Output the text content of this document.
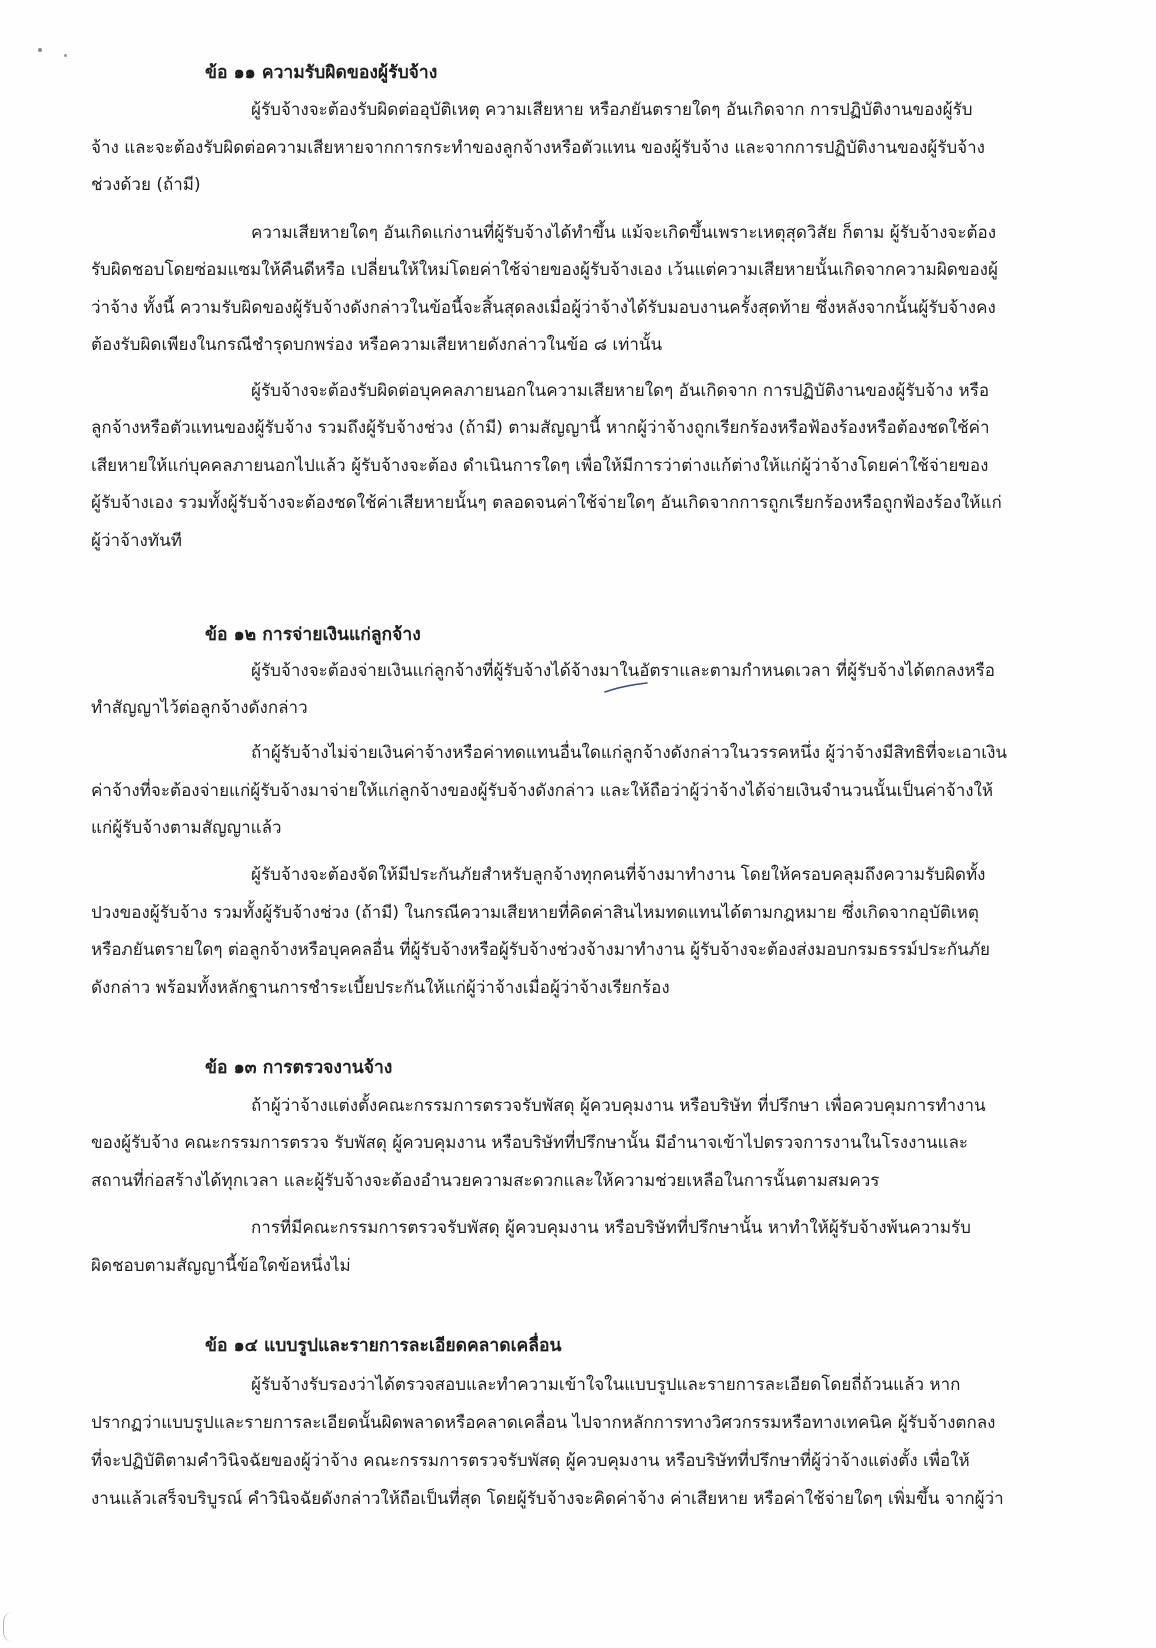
ข้อ ๑๑ ความรับผิดของผู้รับจ้าง
ผู้รับจ้างจะต้องรับผิดต่ออุบัติเหตุ ความเสียหาย หรือภยันตรายใดๆ อันเกิดจาก การปฏิบัติงานของผู้รับ
จ้าง และจะต้องรับผิดต่อความเสียหายจากการกระทำของลูกจ้างหรือตัวแทน ของผู้รับจ้าง และจากการปฏิบัติงานของผู้รับจ้าง
ช่วงด้วย (ถ้ามี)
ความเสียหายใดๆ อันเกิดแก่งานที่ผู้รับจ้างได้ทำขึ้น แม้จะเกิดขึ้นเพราะเหตุสุดวิสัย ก็ตาม ผู้รับจ้างจะต้อง
รับผิดชอบโดยซ่อมแซมให้คืนดีหรือ เปลี่ยนให้ใหม่โดยค่าใช้จ่ายของผู้รับจ้างเอง เว้นแต่ความเสียหายนั้นเกิดจากความผิดของผู้
ว่าจ้าง ทั้งนี้ ความรับผิดของผู้รับจ้างดังกล่าวในข้อนี้จะสิ้นสุดลงเมื่อผู้ว่าจ้างได้รับมอบงานครั้งสุดท้าย ซึ่งหลังจากนั้นผู้รับจ้างคง
ต้องรับผิดเพียงในกรณีชำรุดบกพร่อง หรือความเสียหายดังกล่าวในข้อ ๘ เท่านั้น
ผู้รับจ้างจะต้องรับผิดต่อบุคคลภายนอกในความเสียหายใดๆ อันเกิดจาก การปฏิบัติงานของผู้รับจ้าง หรือ
ลูกจ้างหรือตัวแทนของผู้รับจ้าง รวมถึงผู้รับจ้างช่วง (ถ้ามี) ตามสัญญานี้ หากผู้ว่าจ้างถูกเรียกร้องหรือฟ้องร้องหรือต้องชดใช้ค่า
เสียหายให้แก่บุคคลภายนอกไปแล้ว ผู้รับจ้างจะต้อง ดำเนินการใดๆ เพื่อให้มีการว่าต่างแก้ต่างให้แก่ผู้ว่าจ้างโดยค่าใช้จ่ายของ
ผู้รับจ้างเอง รวมทั้งผู้รับจ้างจะต้องชดใช้ค่าเสียหายนั้นๆ ตลอดจนค่าใช้จ่ายใดๆ อันเกิดจากการถูกเรียกร้องหรือถูกฟ้องร้องให้แก่
ผู้ว่าจ้างทันที
ข้อ ๑๒ การจ่ายเงินแก่ลูกจ้าง
ผู้รับจ้างจะต้องจ่ายเงินแก่ลูกจ้างที่ผู้รับจ้างได้จ้างมาในอัตราและตามกำหนดเวลา ที่ผู้รับจ้างได้ตกลงหรือ
ทำสัญญาไว้ต่อลูกจ้างดังกล่าว
ถ้าผู้รับจ้างไม่จ่ายเงินค่าจ้างหรือค่าทดแทนอื่นใดแก่ลูกจ้างดังกล่าวในวรรคหนึ่ง ผู้ว่าจ้างมีสิทธิที่จะเอาเงิน
ค่าจ้างที่จะต้องจ่ายแก่ผู้รับจ้างมาจ่ายให้แก่ลูกจ้างของผู้รับจ้างดังกล่าว และให้ถือว่าผู้ว่าจ้างได้จ่ายเงินจำนวนนั้นเป็นค่าจ้างให้
แก่ผู้รับจ้างตามสัญญาแล้ว
ผู้รับจ้างจะต้องจัดให้มีประกันภัยสำหรับลูกจ้างทุกคนที่จ้างมาทำงาน โดยให้ครอบคลุมถึงความรับผิดทั้ง
ปวงของผู้รับจ้าง รวมทั้งผู้รับจ้างช่วง (ถ้ามี) ในกรณีความเสียหายที่คิดค่าสินไหมทดแทนได้ตามกฎหมาย ซึ่งเกิดจากอุบัติเหตุ
หรือภยันตรายใดๆ ต่อลูกจ้างหรือบุคคลอื่น ที่ผู้รับจ้างหรือผู้รับจ้างช่วงจ้างมาทำงาน ผู้รับจ้างจะต้องส่งมอบกรมธรรม์ประกันภัย
ดังกล่าว พร้อมทั้งหลักฐานการชำระเบี้ยประกันให้แก่ผู้ว่าจ้างเมื่อผู้ว่าจ้างเรียกร้อง
ข้อ ๑๓ การตรวจงานจ้าง
ถ้าผู้ว่าจ้างแต่งตั้งคณะกรรมการตรวจรับพัสดุ ผู้ควบคุมงาน หรือบริษัท ที่ปรึกษา เพื่อควบคุมการทำงาน
ของผู้รับจ้าง คณะกรรมการตรวจ รับพัสดุ ผู้ควบคุมงาน หรือบริษัทที่ปรึกษานั้น มีอำนาจเข้าไปตรวจการงานในโรงงานและ
สถานที่ก่อสร้างได้ทุกเวลา และผู้รับจ้างจะต้องอำนวยความสะดวกและให้ความช่วยเหลือในการนั้นตามสมควร
การที่มีคณะกรรมการตรวจรับพัสดุ ผู้ควบคุมงาน หรือบริษัทที่ปรึกษานั้น หาทำให้ผู้รับจ้างพ้นความรับ
ผิดชอบตามสัญญานี้ข้อใดข้อหนึ่งไม่
ข้อ ๑๔ แบบรูปและรายการละเอียดคลาดเคลื่อน
ผู้รับจ้างรับรองว่าได้ตรวจสอบและทำความเข้าใจในแบบรูปและรายการละเอียดโดยถี่ถ้วนแล้ว หาก
ปรากฏว่าแบบรูปและรายการละเอียดนั้นผิดพลาดหรือคลาดเคลื่อน ไปจากหลักการทางวิศวกรรมหรือทางเทคนิค ผู้รับจ้างตกลง
ที่จะปฏิบัติตามคำวินิจฉัยของผู้ว่าจ้าง คณะกรรมการตรวจรับพัสดุ ผู้ควบคุมงาน หรือบริษัทที่ปรึกษาที่ผู้ว่าจ้างแต่งตั้ง เพื่อให้
งานแล้วเสร็จบริบูรณ์ คำวินิจฉัยดังกล่าวให้ถือเป็นที่สุด โดยผู้รับจ้างจะคิดค่าจ้าง ค่าเสียหาย หรือค่าใช้จ่ายใดๆ เพิ่มขึ้น จากผู้ว่า
